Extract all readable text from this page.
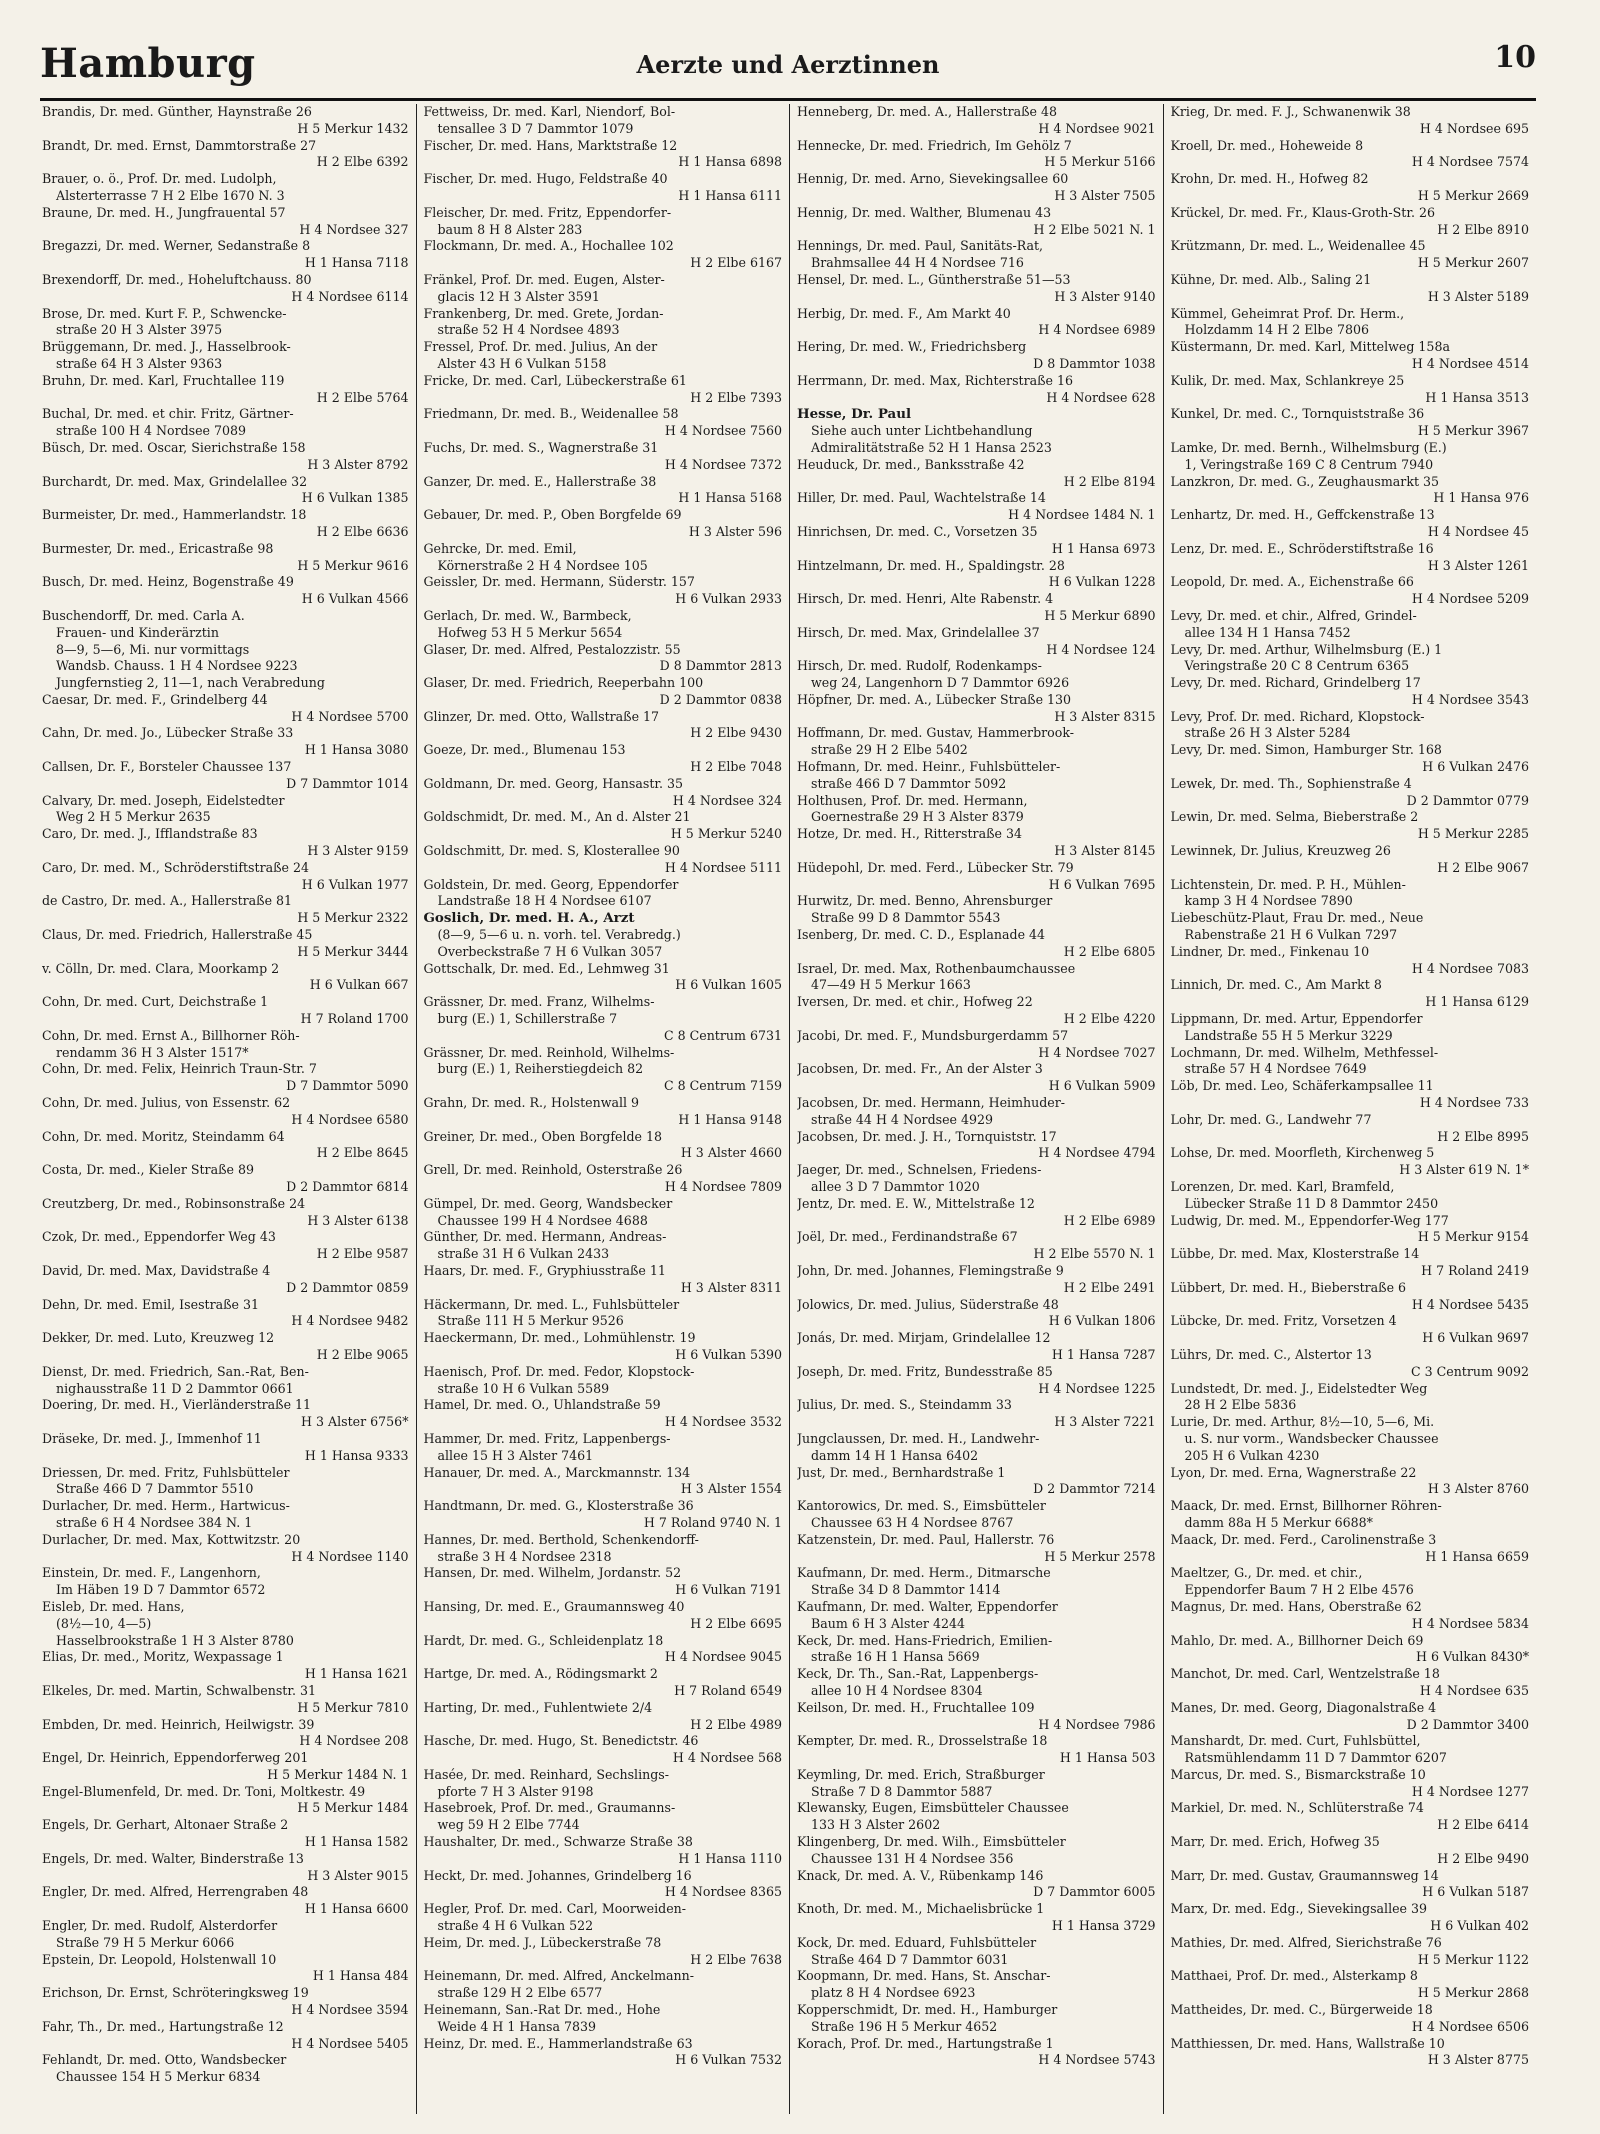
Hamburg	Aerzte und Aerztinnen	10
Brandis, Dr. med. Günther, Haynstraße 26
H 5 Merkur 1432
Brandt, Dr. med. Ernst, Dammtorstraße 27
H 2 Elbe 6392
Brauer, o. ö., Prof. Dr. med. Ludolph,
Alsterterrasse 7 H 2 Elbe 1670 N. 3
Braune, Dr. med. H., Jungfrauental 57
H 4 Nordsee 327
Bregazzi, Dr. med. Werner, Sedanstraße 8
H 1 Hansa 7118
Brexendorff, Dr. med., Hoheluftchauss. 80
H 4 Nordsee 6114
Brose, Dr. med. Kurt F. P., Schwencke-
straße 20 H 3 Alster 3975
Brüggemann, Dr. med. J., Hasselbrook-
straße 64 H 3 Alster 9363
Bruhn, Dr. med. Karl, Fruchtallee 119
H 2 Elbe 5764
Buchal, Dr. med. et chir. Fritz, Gärtner-
straße 100 H 4 Nordsee 7089
Büsch, Dr. med. Oscar, Sierichstraße 158
H 3 Alster 8792
Burchardt, Dr. med. Max, Grindelallee 32
H 6 Vulkan 1385
Burmeister, Dr. med., Hammerlandstr. 18
H 2 Elbe 6636
Burmester, Dr. med., Ericastraße 98
H 5 Merkur 9616
Busch, Dr. med. Heinz, Bogenstraße 49
H 6 Vulkan 4566
Buschendorff, Dr. med. Carla A.
Frauen- und Kinderärztin
8—9, 5—6, Mi. nur vormittags
Wandsb. Chauss. 1 H 4 Nordsee 9223
Jungfernstieg 2, 11—1, nach Verabredung
Caesar, Dr. med. F., Grindelberg 44
H 4 Nordsee 5700
Cahn, Dr. med. Jo., Lübecker Straße 33
H 1 Hansa 3080
Callsen, Dr. F., Borsteler Chaussee 137
D 7 Dammtor 1014
Calvary, Dr. med. Joseph, Eidelstedter
Weg 2 H 5 Merkur 2635
Caro, Dr. med. J., Ifflandstraße 83
H 3 Alster 9159
Caro, Dr. med. M., Schröderstiftstraße 24
H 6 Vulkan 1977
de Castro, Dr. med. A., Hallerstraße 81
H 5 Merkur 2322
Claus, Dr. med. Friedrich, Hallerstraße 45
H 5 Merkur 3444
v. Cölln, Dr. med. Clara, Moorkamp 2
H 6 Vulkan 667
Cohn, Dr. med. Curt, Deichstraße 1
H 7 Roland 1700
Cohn, Dr. med. Ernst A., Billhorner Röh-
rendamm 36 H 3 Alster 1517*
Cohn, Dr. med. Felix, Heinrich Traun-Str. 7
D 7 Dammtor 5090
Cohn, Dr. med. Julius, von Essenstr. 62
H 4 Nordsee 6580
Cohn, Dr. med. Moritz, Steindamm 64
H 2 Elbe 8645
Costa, Dr. med., Kieler Straße 89
D 2 Dammtor 6814
Creutzberg, Dr. med., Robinsonstraße 24
H 3 Alster 6138
Czok, Dr. med., Eppendorfer Weg 43
H 2 Elbe 9587
David, Dr. med. Max, Davidstraße 4
D 2 Dammtor 0859
Dehn, Dr. med. Emil, Isestraße 31
H 4 Nordsee 9482
Dekker, Dr. med. Luto, Kreuzweg 12
H 2 Elbe 9065
Dienst, Dr. med. Friedrich, San.-Rat, Ben-
nighausstraße 11 D 2 Dammtor 0661
Doering, Dr. med. H., Vierländerstraße 11
H 3 Alster 6756*
Dräseke, Dr. med. J., Immenhof 11
H 1 Hansa 9333
Driessen, Dr. med. Fritz, Fuhlsbütteler
Straße 466 D 7 Dammtor 5510
Durlacher, Dr. med. Herm., Hartwicus-
straße 6 H 4 Nordsee 384 N. 1
Durlacher, Dr. med. Max, Kottwitzstr. 20
H 4 Nordsee 1140
Einstein, Dr. med. F., Langenhorn,
Im Häben 19 D 7 Dammtor 6572
Eisleb, Dr. med. Hans,
(8½—10, 4—5)
Hasselbrookstraße 1 H 3 Alster 8780
Elias, Dr. med., Moritz, Wexpassage 1
H 1 Hansa 1621
Elkeles, Dr. med. Martin, Schwalbenstr. 31
H 5 Merkur 7810
Embden, Dr. med. Heinrich, Heilwigstr. 39
H 4 Nordsee 208
Engel, Dr. Heinrich, Eppendorferweg 201
H 5 Merkur 1484 N. 1
Engel-Blumenfeld, Dr. med. Dr. Toni, Moltkestr. 49
H 5 Merkur 1484
Engels, Dr. Gerhart, Altonaer Straße 2
H 1 Hansa 1582
Engels, Dr. med. Walter, Binderstraße 13
H 3 Alster 9015
Engler, Dr. med. Alfred, Herrengraben 48
H 1 Hansa 6600
Engler, Dr. med. Rudolf, Alsterdorfer
Straße 79 H 5 Merkur 6066
Epstein, Dr. Leopold, Holstenwall 10
H 1 Hansa 484
Erichson, Dr. Ernst, Schröteringksweg 19
H 4 Nordsee 3594
Fahr, Th., Dr. med., Hartungstraße 12
H 4 Nordsee 5405
Fehlandt, Dr. med. Otto, Wandsbecker
Chaussee 154 H 5 Merkur 6834
Fettweiss, Dr. med. Karl, Niendorf, Bol-
tensallee 3 D 7 Dammtor 1079
Fischer, Dr. med. Hans, Marktstraße 12
H 1 Hansa 6898
Fischer, Dr. med. Hugo, Feldstraße 40
H 1 Hansa 6111
Fleischer, Dr. med. Fritz, Eppendorfer-
baum 8 H 8 Alster 283
Flockmann, Dr. med. A., Hochallee 102
H 2 Elbe 6167
Fränkel, Prof. Dr. med. Eugen, Alster-
glacis 12 H 3 Alster 3591
Frankenberg, Dr. med. Grete, Jordan-
straße 52 H 4 Nordsee 4893
Fressel, Prof. Dr. med. Julius, An der
Alster 43 H 6 Vulkan 5158
Fricke, Dr. med. Carl, Lübeckerstraße 61
H 2 Elbe 7393
Friedmann, Dr. med. B., Weidenallee 58
H 4 Nordsee 7560
Fuchs, Dr. med. S., Wagnerstraße 31
H 4 Nordsee 7372
Ganzer, Dr. med. E., Hallerstraße 38
H 1 Hansa 5168
Gebauer, Dr. med. P., Oben Borgfelde 69
H 3 Alster 596
Gehrcke, Dr. med. Emil,
Körnerstraße 2 H 4 Nordsee 105
Geissler, Dr. med. Hermann, Süderstr. 157
H 6 Vulkan 2933
Gerlach, Dr. med. W., Barmbeck,
Hofweg 53 H 5 Merkur 5654
Glaser, Dr. med. Alfred, Pestalozzistr. 55
D 8 Dammtor 2813
Glaser, Dr. med. Friedrich, Reeperbahn 100
D 2 Dammtor 0838
Glinzer, Dr. med. Otto, Wallstraße 17
H 2 Elbe 9430
Goeze, Dr. med., Blumenau 153
H 2 Elbe 7048
Goldmann, Dr. med. Georg, Hansastr. 35
H 4 Nordsee 324
Goldschmidt, Dr. med. M., An d. Alster 21
H 5 Merkur 5240
Goldschmitt, Dr. med. S, Klosterallee 90
H 4 Nordsee 5111
Goldstein, Dr. med. Georg, Eppendorfer
Landstraße 18 H 4 Nordsee 6107
Goslich, Dr. med. H. A., Arzt
(8—9, 5—6 u. n. vorh. tel. Verabredg.)
Overbeckstraße 7 H 6 Vulkan 3057
Gottschalk, Dr. med. Ed., Lehmweg 31
H 6 Vulkan 1605
Grässner, Dr. med. Franz, Wilhelms-
burg (E.) 1, Schillerstraße 7
C 8 Centrum 6731
Grässner, Dr. med. Reinhold, Wilhelms-
burg (E.) 1, Reiherstiegdeich 82
C 8 Centrum 7159
Grahn, Dr. med. R., Holstenwall 9
H 1 Hansa 9148
Greiner, Dr. med., Oben Borgfelde 18
H 3 Alster 4660
Grell, Dr. med. Reinhold, Osterstraße 26
H 4 Nordsee 7809
Gümpel, Dr. med. Georg, Wandsbecker
Chaussee 199 H 4 Nordsee 4688
Günther, Dr. med. Hermann, Andreas-
straße 31 H 6 Vulkan 2433
Haars, Dr. med. F., Gryphiusstraße 11
H 3 Alster 8311
Häckermann, Dr. med. L., Fuhlsbütteler
Straße 111 H 5 Merkur 9526
Haeckermann, Dr. med., Lohmühlenstr. 19
H 6 Vulkan 5390
Haenisch, Prof. Dr. med. Fedor, Klopstock-
straße 10 H 6 Vulkan 5589
Hamel, Dr. med. O., Uhlandstraße 59
H 4 Nordsee 3532
Hammer, Dr. med. Fritz, Lappenbergs-
allee 15 H 3 Alster 7461
Hanauer, Dr. med. A., Marckmannstr. 134
H 3 Alster 1554
Handtmann, Dr. med. G., Klosterstraße 36
H 7 Roland 9740 N. 1
Hannes, Dr. med. Berthold, Schenkendorff-
straße 3 H 4 Nordsee 2318
Hansen, Dr. med. Wilhelm, Jordanstr. 52
H 6 Vulkan 7191
Hansing, Dr. med. E., Graumannsweg 40
H 2 Elbe 6695
Hardt, Dr. med. G., Schleidenplatz 18
H 4 Nordsee 9045
Hartge, Dr. med. A., Rödingsmarkt 2
H 7 Roland 6549
Harting, Dr. med., Fuhlentwiete 2/4
H 2 Elbe 4989
Hasche, Dr. med. Hugo, St. Benedictstr. 46
H 4 Nordsee 568
Hasée, Dr. med. Reinhard, Sechslings-
pforte 7 H 3 Alster 9198
Hasebroek, Prof. Dr. med., Graumanns-
weg 59 H 2 Elbe 7744
Haushalter, Dr. med., Schwarze Straße 38
H 1 Hansa 1110
Heckt, Dr. med. Johannes, Grindelberg 16
H 4 Nordsee 8365
Hegler, Prof. Dr. med. Carl, Moorweiden-
straße 4 H 6 Vulkan 522
Heim, Dr. med. J., Lübeckerstraße 78
H 2 Elbe 7638
Heinemann, Dr. med. Alfred, Anckelmann-
straße 129 H 2 Elbe 6577
Heinemann, San.-Rat Dr. med., Hohe
Weide 4 H 1 Hansa 7839
Heinz, Dr. med. E., Hammerlandstraße 63
H 6 Vulkan 7532
Henneberg, Dr. med. A., Hallerstraße 48
H 4 Nordsee 9021
Hennecke, Dr. med. Friedrich, Im Gehölz 7
H 5 Merkur 5166
Hennig, Dr. med. Arno, Sievekingsallee 60
H 3 Alster 7505
Hennig, Dr. med. Walther, Blumenau 43
H 2 Elbe 5021 N. 1
Hennings, Dr. med. Paul, Sanitäts-Rat,
Brahmsallee 44 H 4 Nordsee 716
Hensel, Dr. med. L., Güntherstraße 51—53
H 3 Alster 9140
Herbig, Dr. med. F., Am Markt 40
H 4 Nordsee 6989
Hering, Dr. med. W., Friedrichsberg
D 8 Dammtor 1038
Herrmann, Dr. med. Max, Richterstraße 16
H 4 Nordsee 628
Hesse, Dr. Paul
Siehe auch unter Lichtbehandlung
Admiralitätstraße 52 H 1 Hansa 2523
Heuduck, Dr. med., Banksstraße 42
H 2 Elbe 8194
Hiller, Dr. med. Paul, Wachtelstraße 14
H 4 Nordsee 1484 N. 1
Hinrichsen, Dr. med. C., Vorsetzen 35
H 1 Hansa 6973
Hintzelmann, Dr. med. H., Spaldingstr. 28
H 6 Vulkan 1228
Hirsch, Dr. med. Henri, Alte Rabenstr. 4
H 5 Merkur 6890
Hirsch, Dr. med. Max, Grindelallee 37
H 4 Nordsee 124
Hirsch, Dr. med. Rudolf, Rodenkamps-
weg 24, Langenhorn D 7 Dammtor 6926
Höpfner, Dr. med. A., Lübecker Straße 130
H 3 Alster 8315
Hoffmann, Dr. med. Gustav, Hammerbrook-
straße 29 H 2 Elbe 5402
Hofmann, Dr. med. Heinr., Fuhlsbütteler-
straße 466 D 7 Dammtor 5092
Holthusen, Prof. Dr. med. Hermann,
Goernestraße 29 H 3 Alster 8379
Hotze, Dr. med. H., Ritterstraße 34
H 3 Alster 8145
Hüdepohl, Dr. med. Ferd., Lübecker Str. 79
H 6 Vulkan 7695
Hurwitz, Dr. med. Benno, Ahrensburger
Straße 99 D 8 Dammtor 5543
Isenberg, Dr. med. C. D., Esplanade 44
H 2 Elbe 6805
Israel, Dr. med. Max, Rothenbaumchaussee
47—49 H 5 Merkur 1663
Iversen, Dr. med. et chir., Hofweg 22
H 2 Elbe 4220
Jacobi, Dr. med. F., Mundsburgerdamm 57
H 4 Nordsee 7027
Jacobsen, Dr. med. Fr., An der Alster 3
H 6 Vulkan 5909
Jacobsen, Dr. med. Hermann, Heimhuder-
straße 44 H 4 Nordsee 4929
Jacobsen, Dr. med. J. H., Tornquiststr. 17
H 4 Nordsee 4794
Jaeger, Dr. med., Schnelsen, Friedens-
allee 3 D 7 Dammtor 1020
Jentz, Dr. med. E. W., Mittelstraße 12
H 2 Elbe 6989
Joël, Dr. med., Ferdinandstraße 67
H 2 Elbe 5570 N. 1
John, Dr. med. Johannes, Flemingstraße 9
H 2 Elbe 2491
Jolowics, Dr. med. Julius, Süderstraße 48
H 6 Vulkan 1806
Jonás, Dr. med. Mirjam, Grindelallee 12
H 1 Hansa 7287
Joseph, Dr. med. Fritz, Bundesstraße 85
H 4 Nordsee 1225
Julius, Dr. med. S., Steindamm 33
H 3 Alster 7221
Jungclaussen, Dr. med. H., Landwehr-
damm 14 H 1 Hansa 6402
Just, Dr. med., Bernhardstraße 1
D 2 Dammtor 7214
Kantorowics, Dr. med. S., Eimsbütteler
Chaussee 63 H 4 Nordsee 8767
Katzenstein, Dr. med. Paul, Hallerstr. 76
H 5 Merkur 2578
Kaufmann, Dr. med. Herm., Ditmarsche
Straße 34 D 8 Dammtor 1414
Kaufmann, Dr. med. Walter, Eppendorfer
Baum 6 H 3 Alster 4244
Keck, Dr. med. Hans-Friedrich, Emilien-
straße 16 H 1 Hansa 5669
Keck, Dr. Th., San.-Rat, Lappenbergs-
allee 10 H 4 Nordsee 8304
Keilson, Dr. med. H., Fruchtallee 109
H 4 Nordsee 7986
Kempter, Dr. med. R., Drosselstraße 18
H 1 Hansa 503
Keymling, Dr. med. Erich, Straßburger
Straße 7 D 8 Dammtor 5887
Klewansky, Eugen, Eimsbütteler Chaussee
133 H 3 Alster 2602
Klingenberg, Dr. med. Wilh., Eimsbütteler
Chaussee 131 H 4 Nordsee 356
Knack, Dr. med. A. V., Rübenkamp 146
D 7 Dammtor 6005
Knoth, Dr. med. M., Michaelisbrücke 1
H 1 Hansa 3729
Kock, Dr. med. Eduard, Fuhlsbütteler
Straße 464 D 7 Dammtor 6031
Koopmann, Dr. med. Hans, St. Anschar-
platz 8 H 4 Nordsee 6923
Kopperschmidt, Dr. med. H., Hamburger
Straße 196 H 5 Merkur 4652
Korach, Prof. Dr. med., Hartungstraße 1
H 4 Nordsee 5743
Krieg, Dr. med. F. J., Schwanenwik 38
H 4 Nordsee 695
Kroell, Dr. med., Hoheweide 8
H 4 Nordsee 7574
Krohn, Dr. med. H., Hofweg 82
H 5 Merkur 2669
Krückel, Dr. med. Fr., Klaus-Groth-Str. 26
H 2 Elbe 8910
Krützmann, Dr. med. L., Weidenallee 45
H 5 Merkur 2607
Kühne, Dr. med. Alb., Saling 21
H 3 Alster 5189
Kümmel, Geheimrat Prof. Dr. Herm.,
Holzdamm 14 H 2 Elbe 7806
Küstermann, Dr. med. Karl, Mittelweg 158a
H 4 Nordsee 4514
Kulik, Dr. med. Max, Schlankreye 25
H 1 Hansa 3513
Kunkel, Dr. med. C., Tornquiststraße 36
H 5 Merkur 3967
Lamke, Dr. med. Bernh., Wilhelmsburg (E.)
1, Veringstraße 169 C 8 Centrum 7940
Lanzkron, Dr. med. G., Zeughausmarkt 35
H 1 Hansa 976
Lenhartz, Dr. med. H., Geffckenstraße 13
H 4 Nordsee 45
Lenz, Dr. med. E., Schröderstiftstraße 16
H 3 Alster 1261
Leopold, Dr. med. A., Eichenstraße 66
H 4 Nordsee 5209
Levy, Dr. med. et chir., Alfred, Grindel-
allee 134 H 1 Hansa 7452
Levy, Dr. med. Arthur, Wilhelmsburg (E.) 1
Veringstraße 20 C 8 Centrum 6365
Levy, Dr. med. Richard, Grindelberg 17
H 4 Nordsee 3543
Levy, Prof. Dr. med. Richard, Klopstock-
straße 26 H 3 Alster 5284
Levy, Dr. med. Simon, Hamburger Str. 168
H 6 Vulkan 2476
Lewek, Dr. med. Th., Sophienstraße 4
D 2 Dammtor 0779
Lewin, Dr. med. Selma, Bieberstraße 2
H 5 Merkur 2285
Lewinnek, Dr. Julius, Kreuzweg 26
H 2 Elbe 9067
Lichtenstein, Dr. med. P. H., Mühlen-
kamp 3 H 4 Nordsee 7890
Liebeschütz-Plaut, Frau Dr. med., Neue
Rabenstraße 21 H 6 Vulkan 7297
Lindner, Dr. med., Finkenau 10
H 4 Nordsee 7083
Linnich, Dr. med. C., Am Markt 8
H 1 Hansa 6129
Lippmann, Dr. med. Artur, Eppendorfer
Landstraße 55 H 5 Merkur 3229
Lochmann, Dr. med. Wilhelm, Methfessel-
straße 57 H 4 Nordsee 7649
Löb, Dr. med. Leo, Schäferkampsallee 11
H 4 Nordsee 733
Lohr, Dr. med. G., Landwehr 77
H 2 Elbe 8995
Lohse, Dr. med. Moorfleth, Kirchenweg 5
H 3 Alster 619 N. 1*
Lorenzen, Dr. med. Karl, Bramfeld,
Lübecker Straße 11 D 8 Dammtor 2450
Ludwig, Dr. med. M., Eppendorfer-Weg 177
H 5 Merkur 9154
Lübbe, Dr. med. Max, Klosterstraße 14
H 7 Roland 2419
Lübbert, Dr. med. H., Bieberstraße 6
H 4 Nordsee 5435
Lübcke, Dr. med. Fritz, Vorsetzen 4
H 6 Vulkan 9697
Lührs, Dr. med. C., Alstertor 13
C 3 Centrum 9092
Lundstedt, Dr. med. J., Eidelstedter Weg
28 H 2 Elbe 5836
Lurie, Dr. med. Arthur, 8½—10, 5—6, Mi.
u. S. nur vorm., Wandsbecker Chaussee
205 H 6 Vulkan 4230
Lyon, Dr. med. Erna, Wagnerstraße 22
H 3 Alster 8760
Maack, Dr. med. Ernst, Billhorner Röhren-
damm 88a H 5 Merkur 6688*
Maack, Dr. med. Ferd., Carolinenstraße 3
H 1 Hansa 6659
Maeltzer, G., Dr. med. et chir.,
Eppendorfer Baum 7 H 2 Elbe 4576
Magnus, Dr. med. Hans, Oberstraße 62
H 4 Nordsee 5834
Mahlo, Dr. med. A., Billhorner Deich 69
H 6 Vulkan 8430*
Manchot, Dr. med. Carl, Wentzelstraße 18
H 4 Nordsee 635
Manes, Dr. med. Georg, Diagonalstraße 4
D 2 Dammtor 3400
Manshardt, Dr. med. Curt, Fuhlsbüttel,
Ratsmühlendamm 11 D 7 Dammtor 6207
Marcus, Dr. med. S., Bismarckstraße 10
H 4 Nordsee 1277
Markiel, Dr. med. N., Schlüterstraße 74
H 2 Elbe 6414
Marr, Dr. med. Erich, Hofweg 35
H 2 Elbe 9490
Marr, Dr. med. Gustav, Graumannsweg 14
H 6 Vulkan 5187
Marx, Dr. med. Edg., Sievekingsallee 39
H 6 Vulkan 402
Mathies, Dr. med. Alfred, Sierichstraße 76
H 5 Merkur 1122
Matthaei, Prof. Dr. med., Alsterkamp 8
H 5 Merkur 2868
Mattheides, Dr. med. C., Bürgerweide 18
H 4 Nordsee 6506
Matthiessen, Dr. med. Hans, Wallstraße 10
H 3 Alster 8775
